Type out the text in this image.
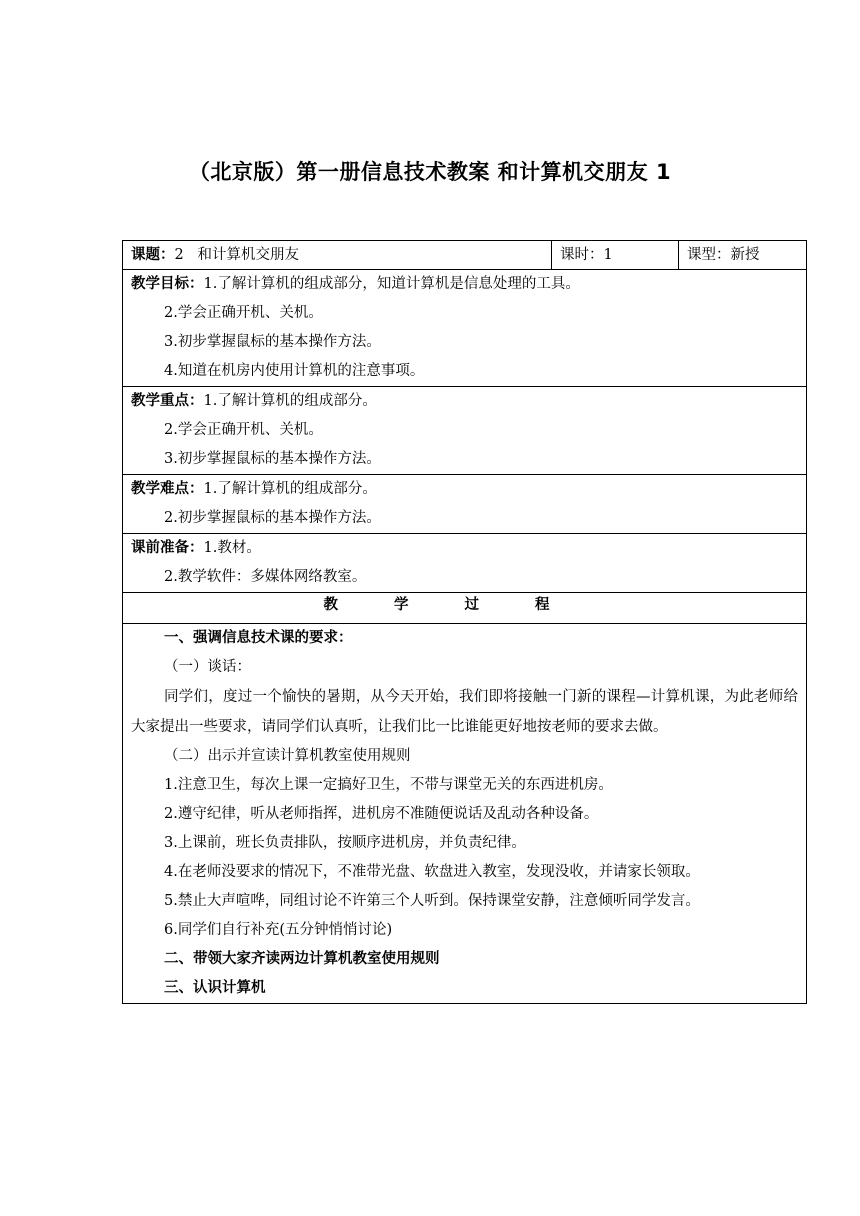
（北京版）第一册信息技术教案 和计算机交朋友 1
课题：2   和计算机交朋友	课时：1	课型：新授

教学目标：1.了解计算机的组成部分，知道计算机是信息处理的工具。
2.学会正确开机、关机。
3.初步掌握鼠标的基本操作方法。
4.知道在机房内使用计算机的注意事项。

教学重点：1.了解计算机的组成部分。
2.学会正确开机、关机。
3.初步掌握鼠标的基本操作方法。

教学难点：1.了解计算机的组成部分。
2.初步掌握鼠标的基本操作方法。

课前准备：1.教材。
2.教学软件：多媒体网络教室。

教学过程

一、强调信息技术课的要求：
（一）谈话：
同学们，度过一个愉快的暑期，从今天开始，我们即将接触一门新的课程—计算机课，为此老师给大家提出一些要求，请同学们认真听，让我们比一比谁能更好地按老师的要求去做。
（二）出示并宣读计算机教室使用规则
1.注意卫生，每次上课一定搞好卫生，不带与课堂无关的东西进机房。
2.遵守纪律，听从老师指挥，进机房不准随便说话及乱动各种设备。
3.上课前，班长负责排队，按顺序进机房，并负责纪律。
4.在老师没要求的情况下，不准带光盘、软盘进入教室，发现没收，并请家长领取。
5.禁止大声喧哗，同组讨论不许第三个人听到。保持课堂安静，注意倾听同学发言。
6.同学们自行补充(五分钟悄悄讨论)
二、带领大家齐读两边计算机教室使用规则
三、认识计算机
